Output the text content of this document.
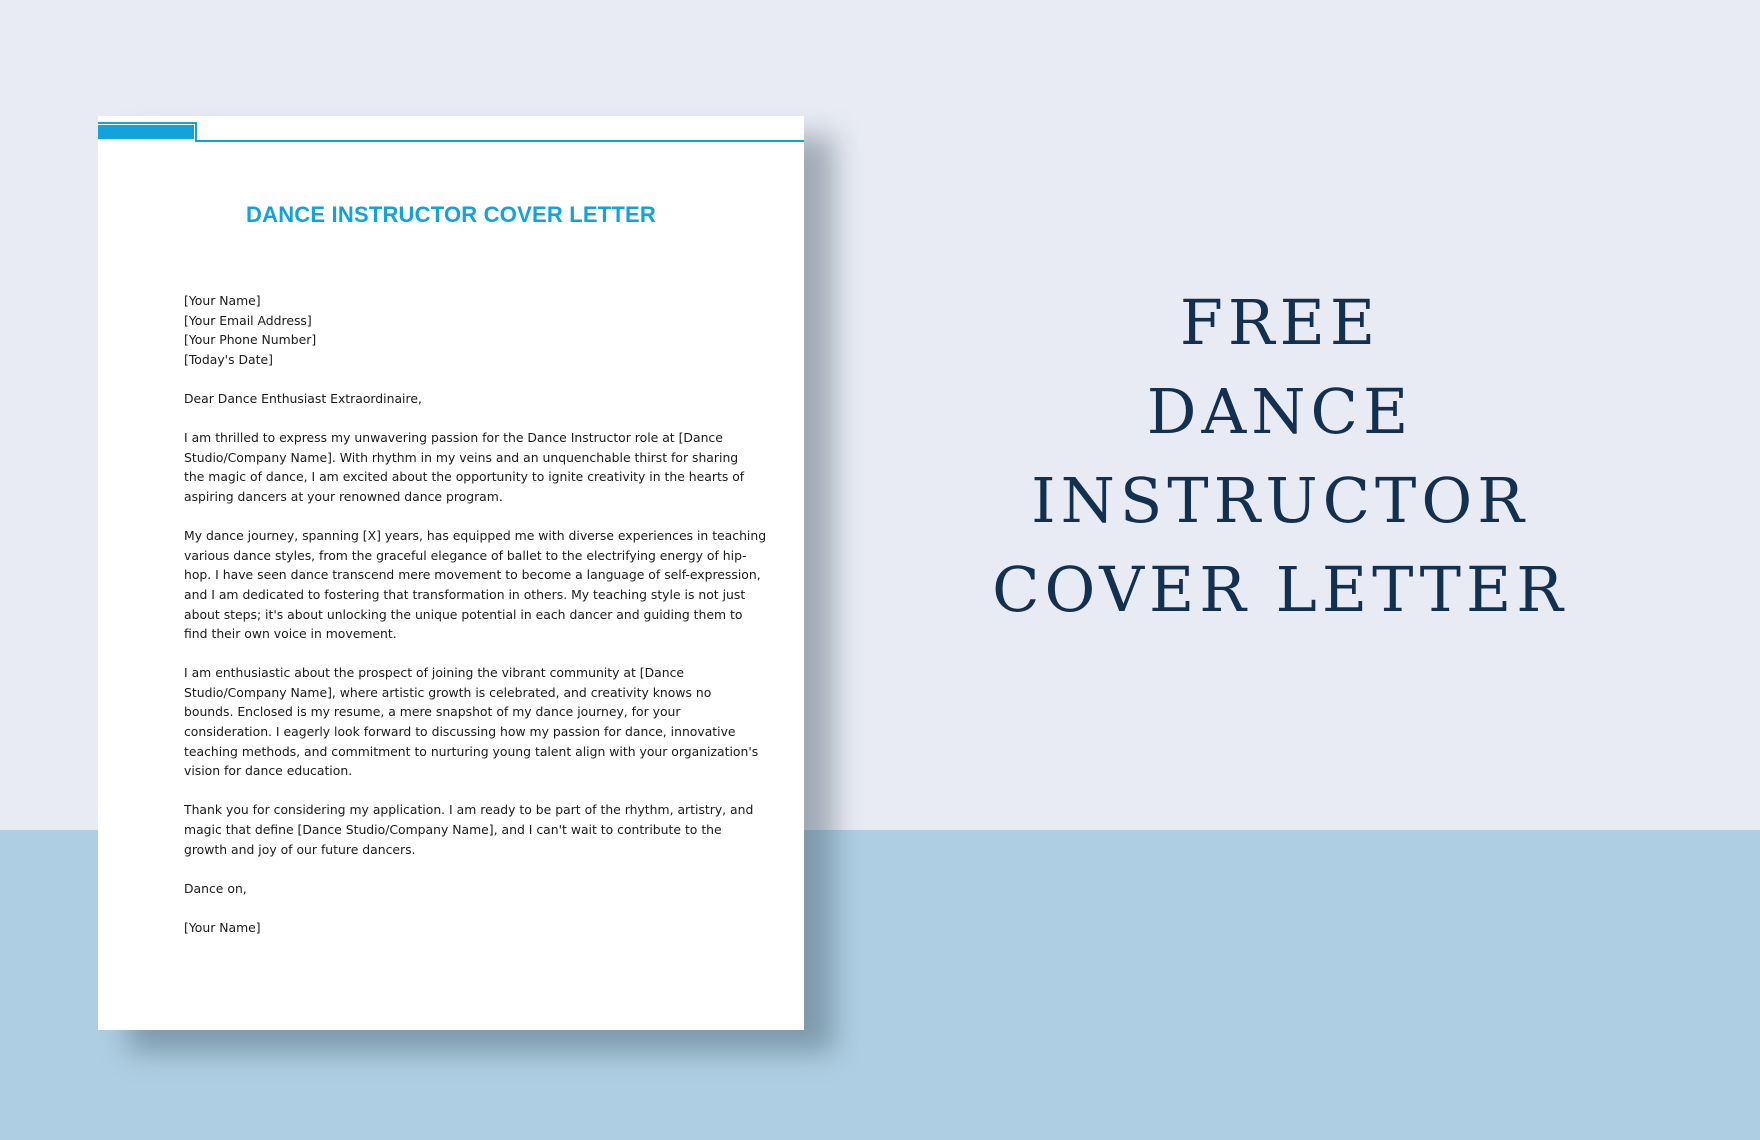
DANCE INSTRUCTOR COVER LETTER
[Your Name]
[Your Email Address]
[Your Phone Number]
[Today's Date]
Dear Dance Enthusiast Extraordinaire,
I am thrilled to express my unwavering passion for the Dance Instructor role at [Dance
Studio/Company Name]. With rhythm in my veins and an unquenchable thirst for sharing
the magic of dance, I am excited about the opportunity to ignite creativity in the hearts of
aspiring dancers at your renowned dance program.
My dance journey, spanning [X] years, has equipped me with diverse experiences in teaching
various dance styles, from the graceful elegance of ballet to the electrifying energy of hip-
hop. I have seen dance transcend mere movement to become a language of self-expression,
and I am dedicated to fostering that transformation in others. My teaching style is not just
about steps; it's about unlocking the unique potential in each dancer and guiding them to
find their own voice in movement.
I am enthusiastic about the prospect of joining the vibrant community at [Dance
Studio/Company Name], where artistic growth is celebrated, and creativity knows no
bounds. Enclosed is my resume, a mere snapshot of my dance journey, for your
consideration. I eagerly look forward to discussing how my passion for dance, innovative
teaching methods, and commitment to nurturing young talent align with your organization's
vision for dance education.
Thank you for considering my application. I am ready to be part of the rhythm, artistry, and
magic that define [Dance Studio/Company Name], and I can't wait to contribute to the
growth and joy of our future dancers.
Dance on,
[Your Name]
FREE
DANCE
INSTRUCTOR
COVER LETTER
